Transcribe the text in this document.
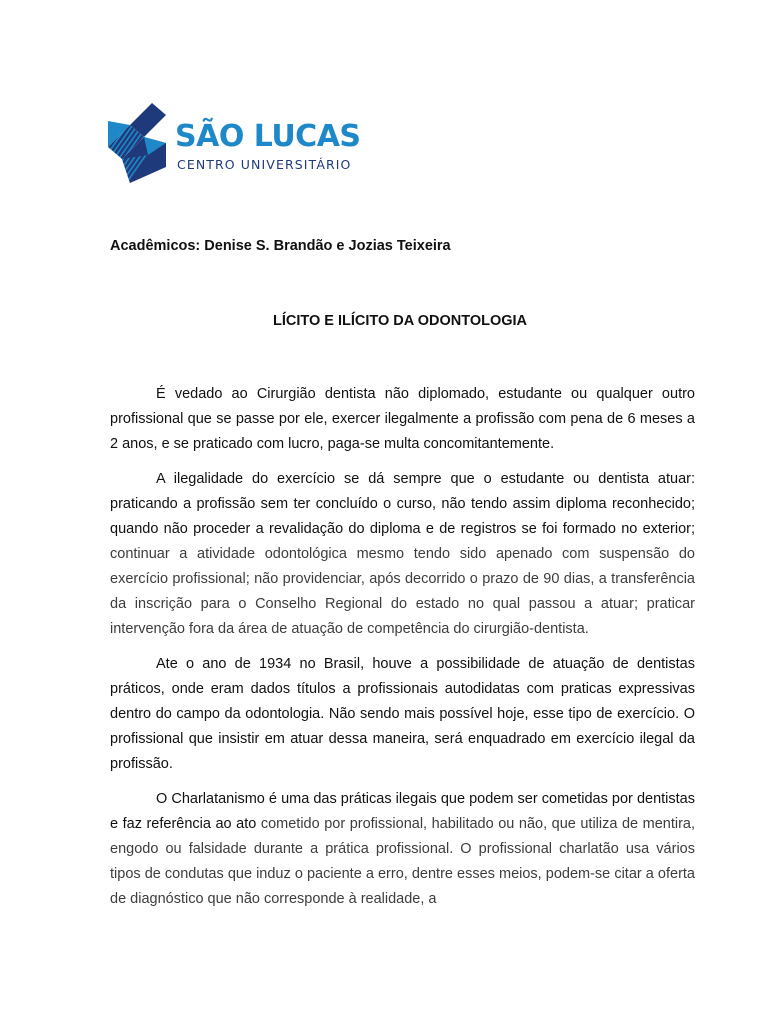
SÃO LUCAS
CENTRO UNIVERSITÁRIO
Acadêmicos: Denise S. Brandão e Jozias Teixeira
LÍCITO E ILÍCITO DA ODONTOLOGIA

É vedado ao Cirurgião dentista não diplomado, estudante ou qualquer outro profissional que se passe por ele, exercer ilegalmente a profissão com pena de 6 meses a 2 anos, e se praticado com lucro, paga-se multa concomitantemente.

A ilegalidade do exercício se dá sempre que o estudante ou dentista atuar: praticando a profissão sem ter concluído o curso, não tendo assim diploma reconhecido; quando não proceder a revalidação do diploma e de registros se foi formado no exterior; continuar a atividade odontológica mesmo tendo sido apenado com suspensão do exercício profissional; não providenciar, após decorrido o prazo de 90 dias, a transferência da inscrição para o Conselho Regional do estado no qual passou a atuar; praticar intervenção fora da área de atuação de competência do cirurgião-dentista.

Ate o ano de 1934 no Brasil, houve a possibilidade de atuação de dentistas práticos, onde eram dados títulos a profissionais autodidatas com praticas expressivas dentro do campo da odontologia. Não sendo mais possível hoje, esse tipo de exercício. O profissional que insistir em atuar dessa maneira, será enquadrado em exercício ilegal da profissão.

O Charlatanismo é uma das práticas ilegais que podem ser cometidas por dentistas e faz referência ao ato cometido por profissional, habilitado ou não, que utiliza de mentira, engodo ou falsidade durante a prática profissional. O profissional charlatão usa vários tipos de condutas que induz o paciente a erro, dentre esses meios, podem-se citar a oferta de diagnóstico que não corresponde à realidade, a
